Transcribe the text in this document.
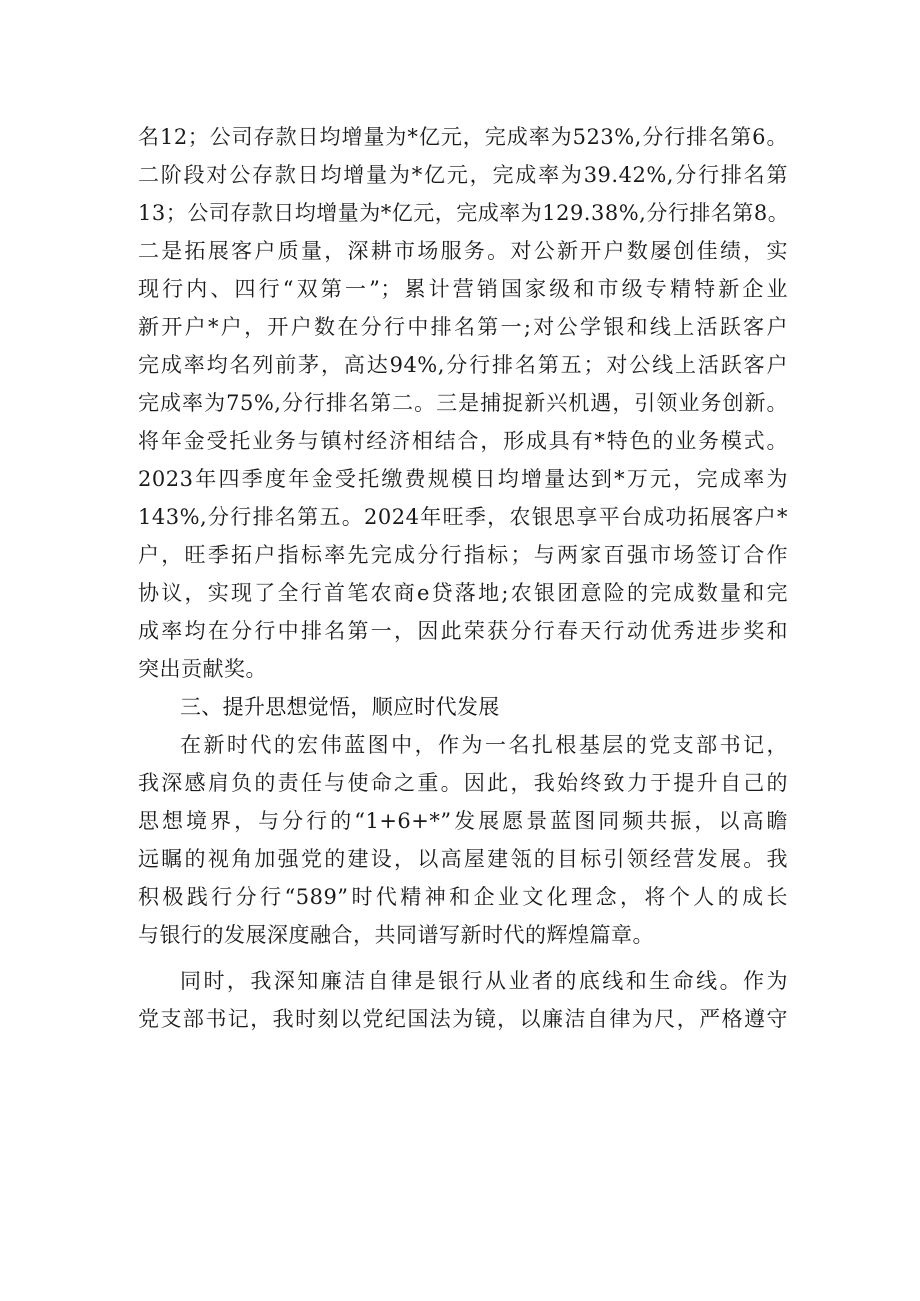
名12；公司存款日均增量为*亿元，完成率为523%,分行排名第6。
二阶段对公存款日均增量为*亿元，完成率为39.42%,分行排名第
13；公司存款日均增量为*亿元，完成率为129.38%,分行排名第8。
二是拓展客户质量，深耕市场服务。对公新开户数屡创佳绩，实
现行内、四行“双第一”；累计营销国家级和市级专精特新企业
新开户*户，开户数在分行中排名第一;对公学银和线上活跃客户
完成率均名列前茅，高达94%,分行排名第五；对公线上活跃客户
完成率为75%,分行排名第二。三是捕捉新兴机遇，引领业务创新。
将年金受托业务与镇村经济相结合，形成具有*特色的业务模式。
2023年四季度年金受托缴费规模日均增量达到*万元，完成率为
143%,分行排名第五。2024年旺季，农银思享平台成功拓展客户*
户，旺季拓户指标率先完成分行指标；与两家百强市场签订合作
协议，实现了全行首笔农商e贷落地;农银团意险的完成数量和完
成率均在分行中排名第一，因此荣获分行春天行动优秀进步奖和
突出贡献奖。
三、提升思想觉悟，顺应时代发展
在新时代的宏伟蓝图中，作为一名扎根基层的党支部书记，
我深感肩负的责任与使命之重。因此，我始终致力于提升自己的
思想境界，与分行的“1+6+*”发展愿景蓝图同频共振，以高瞻
远瞩的视角加强党的建设，以高屋建瓴的目标引领经营发展。我
积极践行分行“589”时代精神和企业文化理念，将个人的成长
与银行的发展深度融合，共同谱写新时代的辉煌篇章。
同时，我深知廉洁自律是银行从业者的底线和生命线。作为
党支部书记，我时刻以党纪国法为镜，以廉洁自律为尺，严格遵守
